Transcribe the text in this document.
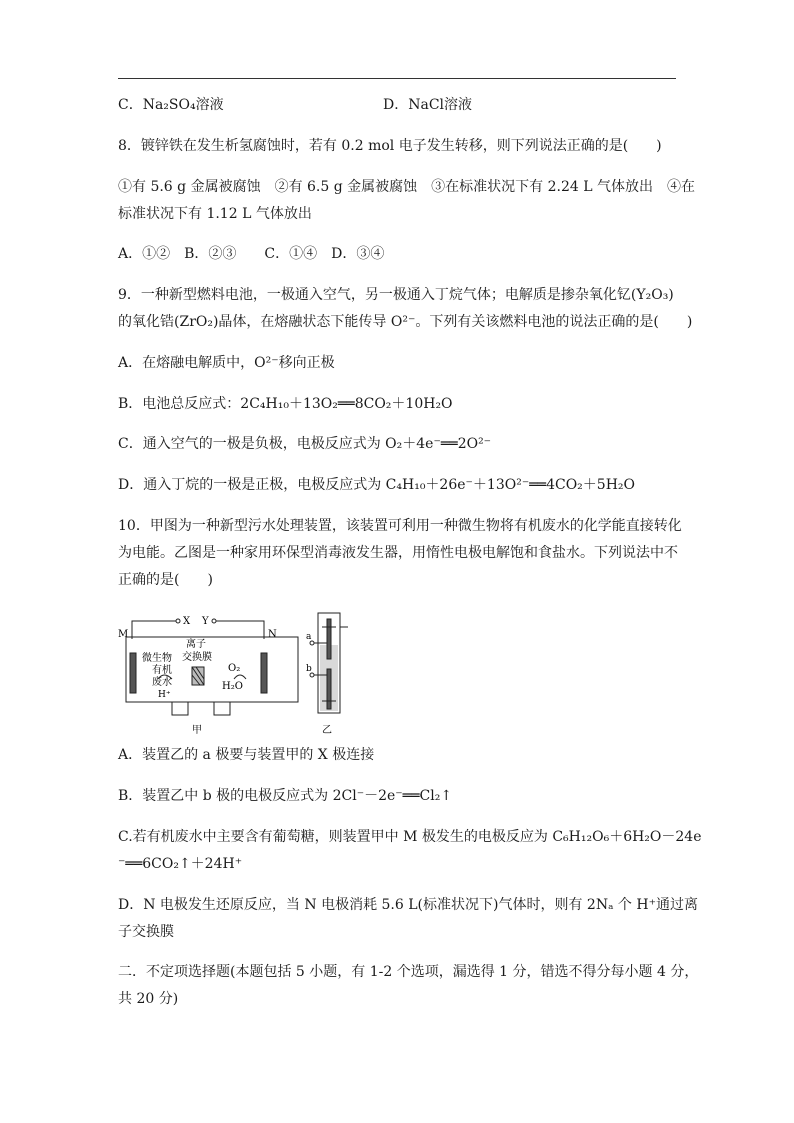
C．Na₂SO₄溶液	D．NaCl溶液
8．镀锌铁在发生析氢腐蚀时，若有 0.2 mol 电子发生转移，则下列说法正确的是(　　)
①有 5.6 g 金属被腐蚀　②有 6.5 g 金属被腐蚀　③在标准状况下有 2.24 L 气体放出　④在
标准状况下有 1.12 L 气体放出
A．①②　B．②③　　C．①④　D．③④
9．一种新型燃料电池，一极通入空气，另一极通入丁烷气体；电解质是掺杂氧化钇(Y₂O₃)
的氧化锆(ZrO₂)晶体，在熔融状态下能传导 O²⁻。下列有关该燃料电池的说法正确的是(　　)
A．在熔融电解质中，O²⁻移向正极
B．电池总反应式：2C₄H₁₀＋13O₂══8CO₂＋10H₂O
C．通入空气的一极是负极，电极反应式为 O₂＋4e⁻══2O²⁻
D．通入丁烷的一极是正极，电极反应式为 C₄H₁₀＋26e⁻＋13O²⁻══4CO₂＋5H₂O
10．甲图为一种新型污水处理装置，该装置可利用一种微生物将有机废水的化学能直接转化
为电能。乙图是一种家用环保型消毒液发生器，用惰性电极电解饱和食盐水。下列说法中不
正确的是(　　)
M	N
X Y
离子
交换膜
微生物
有机
废水
H⁺
O₂
H₂O
甲
a
b
乙
A．装置乙的 a 极要与装置甲的 X 极连接
B．装置乙中 b 极的电极反应式为 2Cl⁻－2e⁻══Cl₂↑
C.若有机废水中主要含有葡萄糖，则装置甲中 M 极发生的电极反应为 C₆H₁₂O₆＋6H₂O－24e
⁻══6CO₂↑＋24H⁺
D．N 电极发生还原反应，当 N 电极消耗 5.6 L(标准状况下)气体时，则有 2Nₐ 个 H⁺通过离
子交换膜
二．不定项选择题(本题包括 5 小题，有 1-2 个选项，漏选得 1 分，错选不得分每小题 4 分，
共 20 分)
